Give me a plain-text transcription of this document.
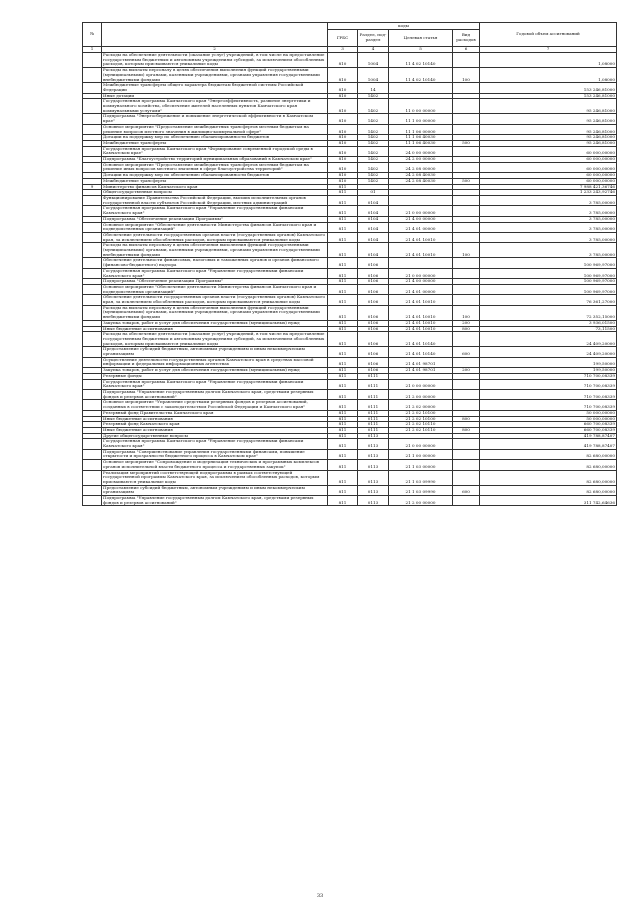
№		коды				Годовой объем ассигнований
		ГРБС	Раздел, под-раздел	Целевая статья	Вид расходов	
1	2	3	4	5	6	7
	Расходы на обеспечение деятельности (оказание услуг) учреждений, в том числе на предоставление государственным бюджетным и автономным учреждениям субсидий, за исключением обособленных расходов, которым присваиваются уникальные коды	810	1004	11 4 02 10140		1,08000
	Расходы на выплаты персоналу в целях обеспечения выполнения функций государственными (муниципальными) органами, казенными учреждениями, органами управления государственными внебюджетными фондами	810	1004	11 4 02 10140	100	1,08000
	Межбюджетные трансферты общего характера бюджетам бюджетной системы Российской Федерации	810	14			153 246,81000
	Иные дотации	810	1402			153 246,81000
	Государственная программа Камчатского края "Энергоэффективность, развитие энергетики и коммунального хозяйства, обеспечение жителей населенных пунктов Камчатского края коммунальными услугами"	810	1402	11 0 00 00000		95 246,81000
	Подпрограмма "Энергосбережение и повышение энергетической эффективности в Камчатском крае"	810	1402	11 1 00 00000		95 246,81000
	Основное мероприятие "Предоставление межбюджетных трансфертов местным бюджетам на решение вопросов местного значения в жилищно-коммунальной сфере"	810	1402	11 1 06 00000		95 246,81000
	Дотации на поддержку мер по обеспечению сбалансированности бюджетов	810	1402	11 1 06 40030		95 246,81000
	Межбюджетные трансферты	810	1402	11 1 06 40030	500	95 246,81000
	Государственная программа Камчатского края "Формирование современной городской среды в Камчатском крае"	810	1402	24 0 00 00000		60 000,00000
	Подпрограмма "Благоустройство территорий муниципальных образований в Камчатском крае"	810	1402	24 2 00 00000		60 000,00000
	Основное мероприятие "Предоставление межбюджетных трансфертов местным бюджетам на решение иных вопросов местного значения в сфере благоустройства территорий"	810	1402	24 2 08 00000		60 000,00000
	Дотации на поддержку мер по обеспечению сбалансированности бюджетов	810	1402	24 2 08 40030		60 000,00000
	Межбюджетные трансферты	810	1402	24 2 08 40030	500	60 000,00000
9	Министерство финансов Камчатского края	811				7 988 421,36746
	Общегосударственные вопросы	811	01			1 233 243,92746
	Функционирование Правительства Российской Федерации, высших исполнительных органов государственной власти субъектов Российской Федерации, местных администраций	811	0104			3 785,00000
	Государственная программа Камчатского края "Управление государственными финансами Камчатского края"	811	0104	21 0 00 00000		3 785,00000
	Подпрограмма "Обеспечение реализации Программы"	811	0104	21 4 00 00000		3 785,00000
	Основное мероприятие "Обеспечение деятельности Министерства финансов Камчатского края и подведомственных организаций"	811	0104	21 4 01 00000		3 785,00000
	Обеспечение деятельности государственных органов власти (государственных органов) Камчатского края, за исключением обособленных расходов, которым присваиваются уникальные коды	811	0104	21 4 01 10010		3 785,00000
	Расходы на выплаты персоналу в целях обеспечения выполнения функций государственными (муниципальными) органами, казенными учреждениями, органами управления государственными внебюджетными фондами	811	0104	21 4 01 10010	100	3 785,00000
	Обеспечение деятельности финансовых, налоговых и таможенных органов и органов финансового (финансово-бюджетного) надзора	811	0106			100 969,97000
	Государственная программа Камчатского края "Управление государственными финансами Камчатского края"	811	0106	21 0 00 00000		100 969,97000
	Подпрограмма "Обеспечение реализации Программы"	811	0106	21 4 00 00000		100 969,97000
	Основное мероприятие "Обеспечение деятельности Министерства финансов Камчатского края и подведомственных организаций"	811	0106	21 4 01 00000		100 969,97000
	Обеспечение деятельности государственных органов власти (государственных органов) Камчатского края, за исключением обособленных расходов, которым присваиваются уникальные коды	811	0106	21 4 01 10010		76 361,27000
	Расходы на выплаты персоналу в целях обеспечения выполнения функций государственными (муниципальными) органами, казенными учреждениями, органами управления государственными внебюджетными фондами	811	0106	21 4 01 10010	100	72 352,15000
	Закупка товаров, работ и услуг для обеспечения государственных (муниципальных) нужд	811	0106	21 4 01 10010	200	3 936,01500
	Иные бюджетные ассигнования	811	0106	21 4 01 10010	800	73,11500
	Расходы на обеспечение деятельности (оказание услуг) учреждений, в том числе на предоставление государственным бюджетным и автономным учреждениям субсидий, за исключением обособленных расходов, которым присваиваются уникальные коды	811	0106	21 4 01 10140		24 409,20000
	Предоставление субсидий бюджетным, автономным учреждениям и иным некоммерческим организациям	811	0106	21 4 01 10140	600	24 409,20000
	Осуществление деятельности государственных органов Камчатского края в средствах массовой информации и федеральных информационных агентствах	811	0106	21 4 01 98701		199,50000
	Закупка товаров, работ и услуг для обеспечения государственных (муниципальных) нужд	811	0106	21 4 01 98701	200	199,50000
	Резервные фонды	811	0111			710 700,08339
	Государственная программа Камчатского края "Управление государственными финансами Камчатского края"	811	0111	21 0 00 00000		710 700,08339
	Подпрограмма "Управление государственным долгом Камчатского края, средствами резервных фондов и резервов ассигнований"	811	0111	21 2 00 00000		710 700,08339
	Основное мероприятие "Управление средствами резервных фондов и резервов ассигнований, созданных в соответствии с законодательством Российской Федерации и Камчатского края"	811	0111	21 2 02 00000		710 700,08339
	Резервный фонд Правительства Камчатского края	811	0111	21 2 02 10100		50 000,00000
	Иные бюджетные ассигнования	811	0111	21 2 02 10100	800	50 000,00000
	Резервный фонд Камчатского края	811	0111	21 2 02 10110		660 700,08339
	Иные бюджетные ассигнования	811	0111	21 2 02 10110	800	660 700,08339
	Другие общегосударственные вопросы	811	0113			419 788,87407
	Государственная программа Камчатского края "Управление государственными финансами Камчатского края"	811	0113	21 0 00 00000		419 788,87407
	Подпрограмма "Совершенствование управления государственными финансами, повышение открытости и прозрачности бюджетного процесса в Камчатском крае"	811	0113	21 1 00 00000		82 680,00000
	Основное мероприятие "Сопровождение и модернизация технических и программных комплексов органов исполнительной власти бюджетного процесса и государственных закупок"	811	0113	21 1 03 00000		82 680,00000
	Реализация мероприятий соответствующей подпрограммы в рамках соответствующей государственной программы Камчатского края, за исключением обособленных расходов, которым присваиваются уникальные коды	811	0113	21 1 03 09990		82 680,00000
	Предоставление субсидий бюджетным, автономным учреждениям и иным некоммерческим организациям	811	0113	21 1 03 09990	600	82 680,00000
	Подпрограмма "Управление государственным долгом Камчатского края, средствами резервных фондов и резервов ассигнований"	811	0113	21 2 00 00000		311 742,64636
33
